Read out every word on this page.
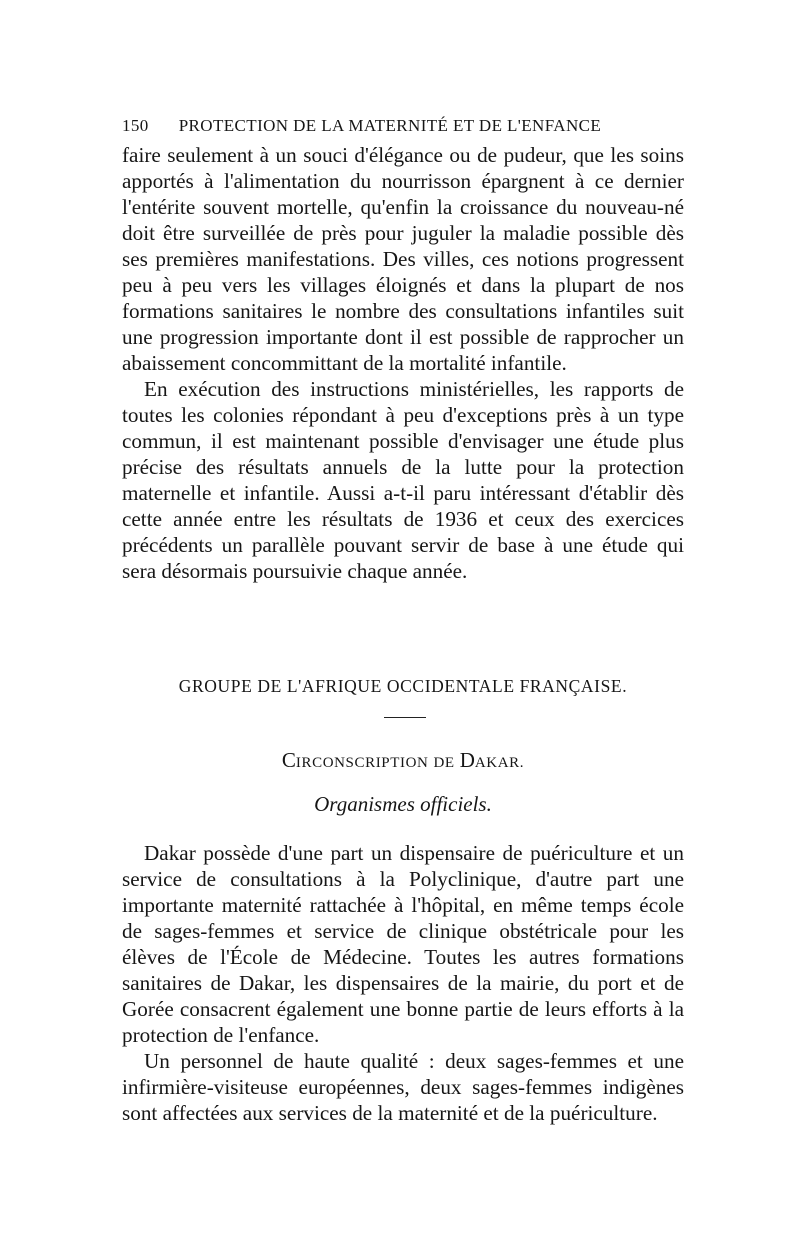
150 PROTECTION DE LA MATERNITÉ ET DE L'ENFANCE

faire seulement à un souci d'élégance ou de pudeur, que les soins apportés à l'alimentation du nourrisson épargnent à ce dernier l'entérite souvent mortelle, qu'enfin la croissance du nouveau-né doit être surveillée de près pour juguler la maladie possible dès ses premières manifestations. Des villes, ces notions progressent peu à peu vers les villages éloignés et dans la plupart de nos formations sanitaires le nombre des consultations infantiles suit une progression importante dont il est possible de rapprocher un abaissement concommittant de la mortalité infantile.

En exécution des instructions ministérielles, les rapports de toutes les colonies répondant à peu d'exceptions près à un type commun, il est maintenant possible d'envisager une étude plus précise des résultats annuels de la lutte pour la protection maternelle et infantile. Aussi a-t-il paru intéressant d'établir dès cette année entre les résultats de 1936 et ceux des exercices précédents un parallèle pouvant servir de base à une étude qui sera désormais poursuivie chaque année.

GROUPE DE L'AFRIQUE OCCIDENTALE FRANÇAISE.

CIRCONSCRIPTION DE DAKAR.

Organismes officiels.

Dakar possède d'une part un dispensaire de puériculture et un service de consultations à la Polyclinique, d'autre part une importante maternité rattachée à l'hôpital, en même temps école de sages-femmes et service de clinique obstétricale pour les élèves de l'École de Médecine. Toutes les autres formations sanitaires de Dakar, les dispensaires de la mairie, du port et de Gorée consacrent également une bonne partie de leurs efforts à la protection de l'enfance.

Un personnel de haute qualité : deux sages-femmes et une infirmière-visiteuse européennes, deux sages-femmes indigènes sont affectées aux services de la maternité et de la puériculture.
